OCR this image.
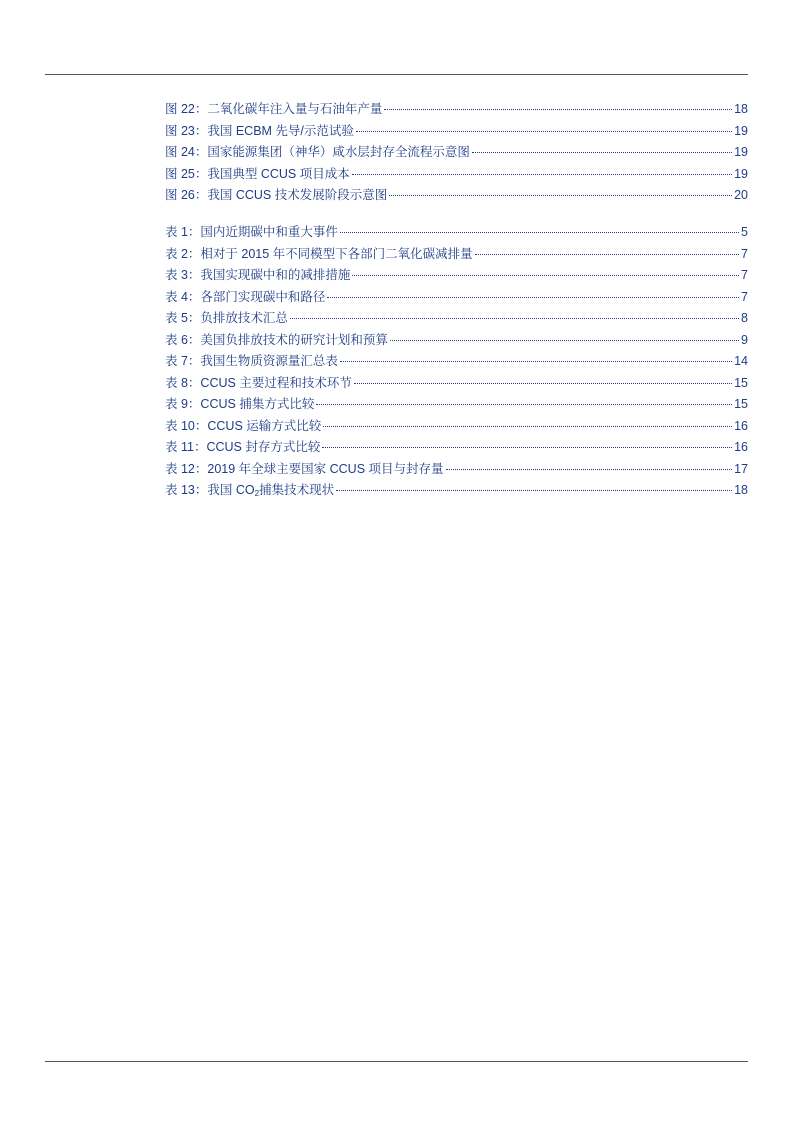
图 22：二氧化碳年注入量与石油年产量	18
图 23：我国 ECBM 先导/示范试验	19
图 24：国家能源集团（神华）咸水层封存全流程示意图	19
图 25：我国典型 CCUS 项目成本	19
图 26：我国 CCUS 技术发展阶段示意图	20
表 1：国内近期碳中和重大事件	5
表 2：相对于 2015 年不同模型下各部门二氧化碳减排量	7
表 3：我国实现碳中和的减排措施	7
表 4：各部门实现碳中和路径	7
表 5：负排放技术汇总	8
表 6：美国负排放技术的研究计划和预算	9
表 7：我国生物质资源量汇总表	14
表 8：CCUS 主要过程和技术环节	15
表 9：CCUS 捕集方式比较	15
表 10：CCUS 运输方式比较	16
表 11：CCUS 封存方式比较	16
表 12：2019 年全球主要国家 CCUS 项目与封存量	17
表 13：我国 $CO_2$捕集技术现状	18
